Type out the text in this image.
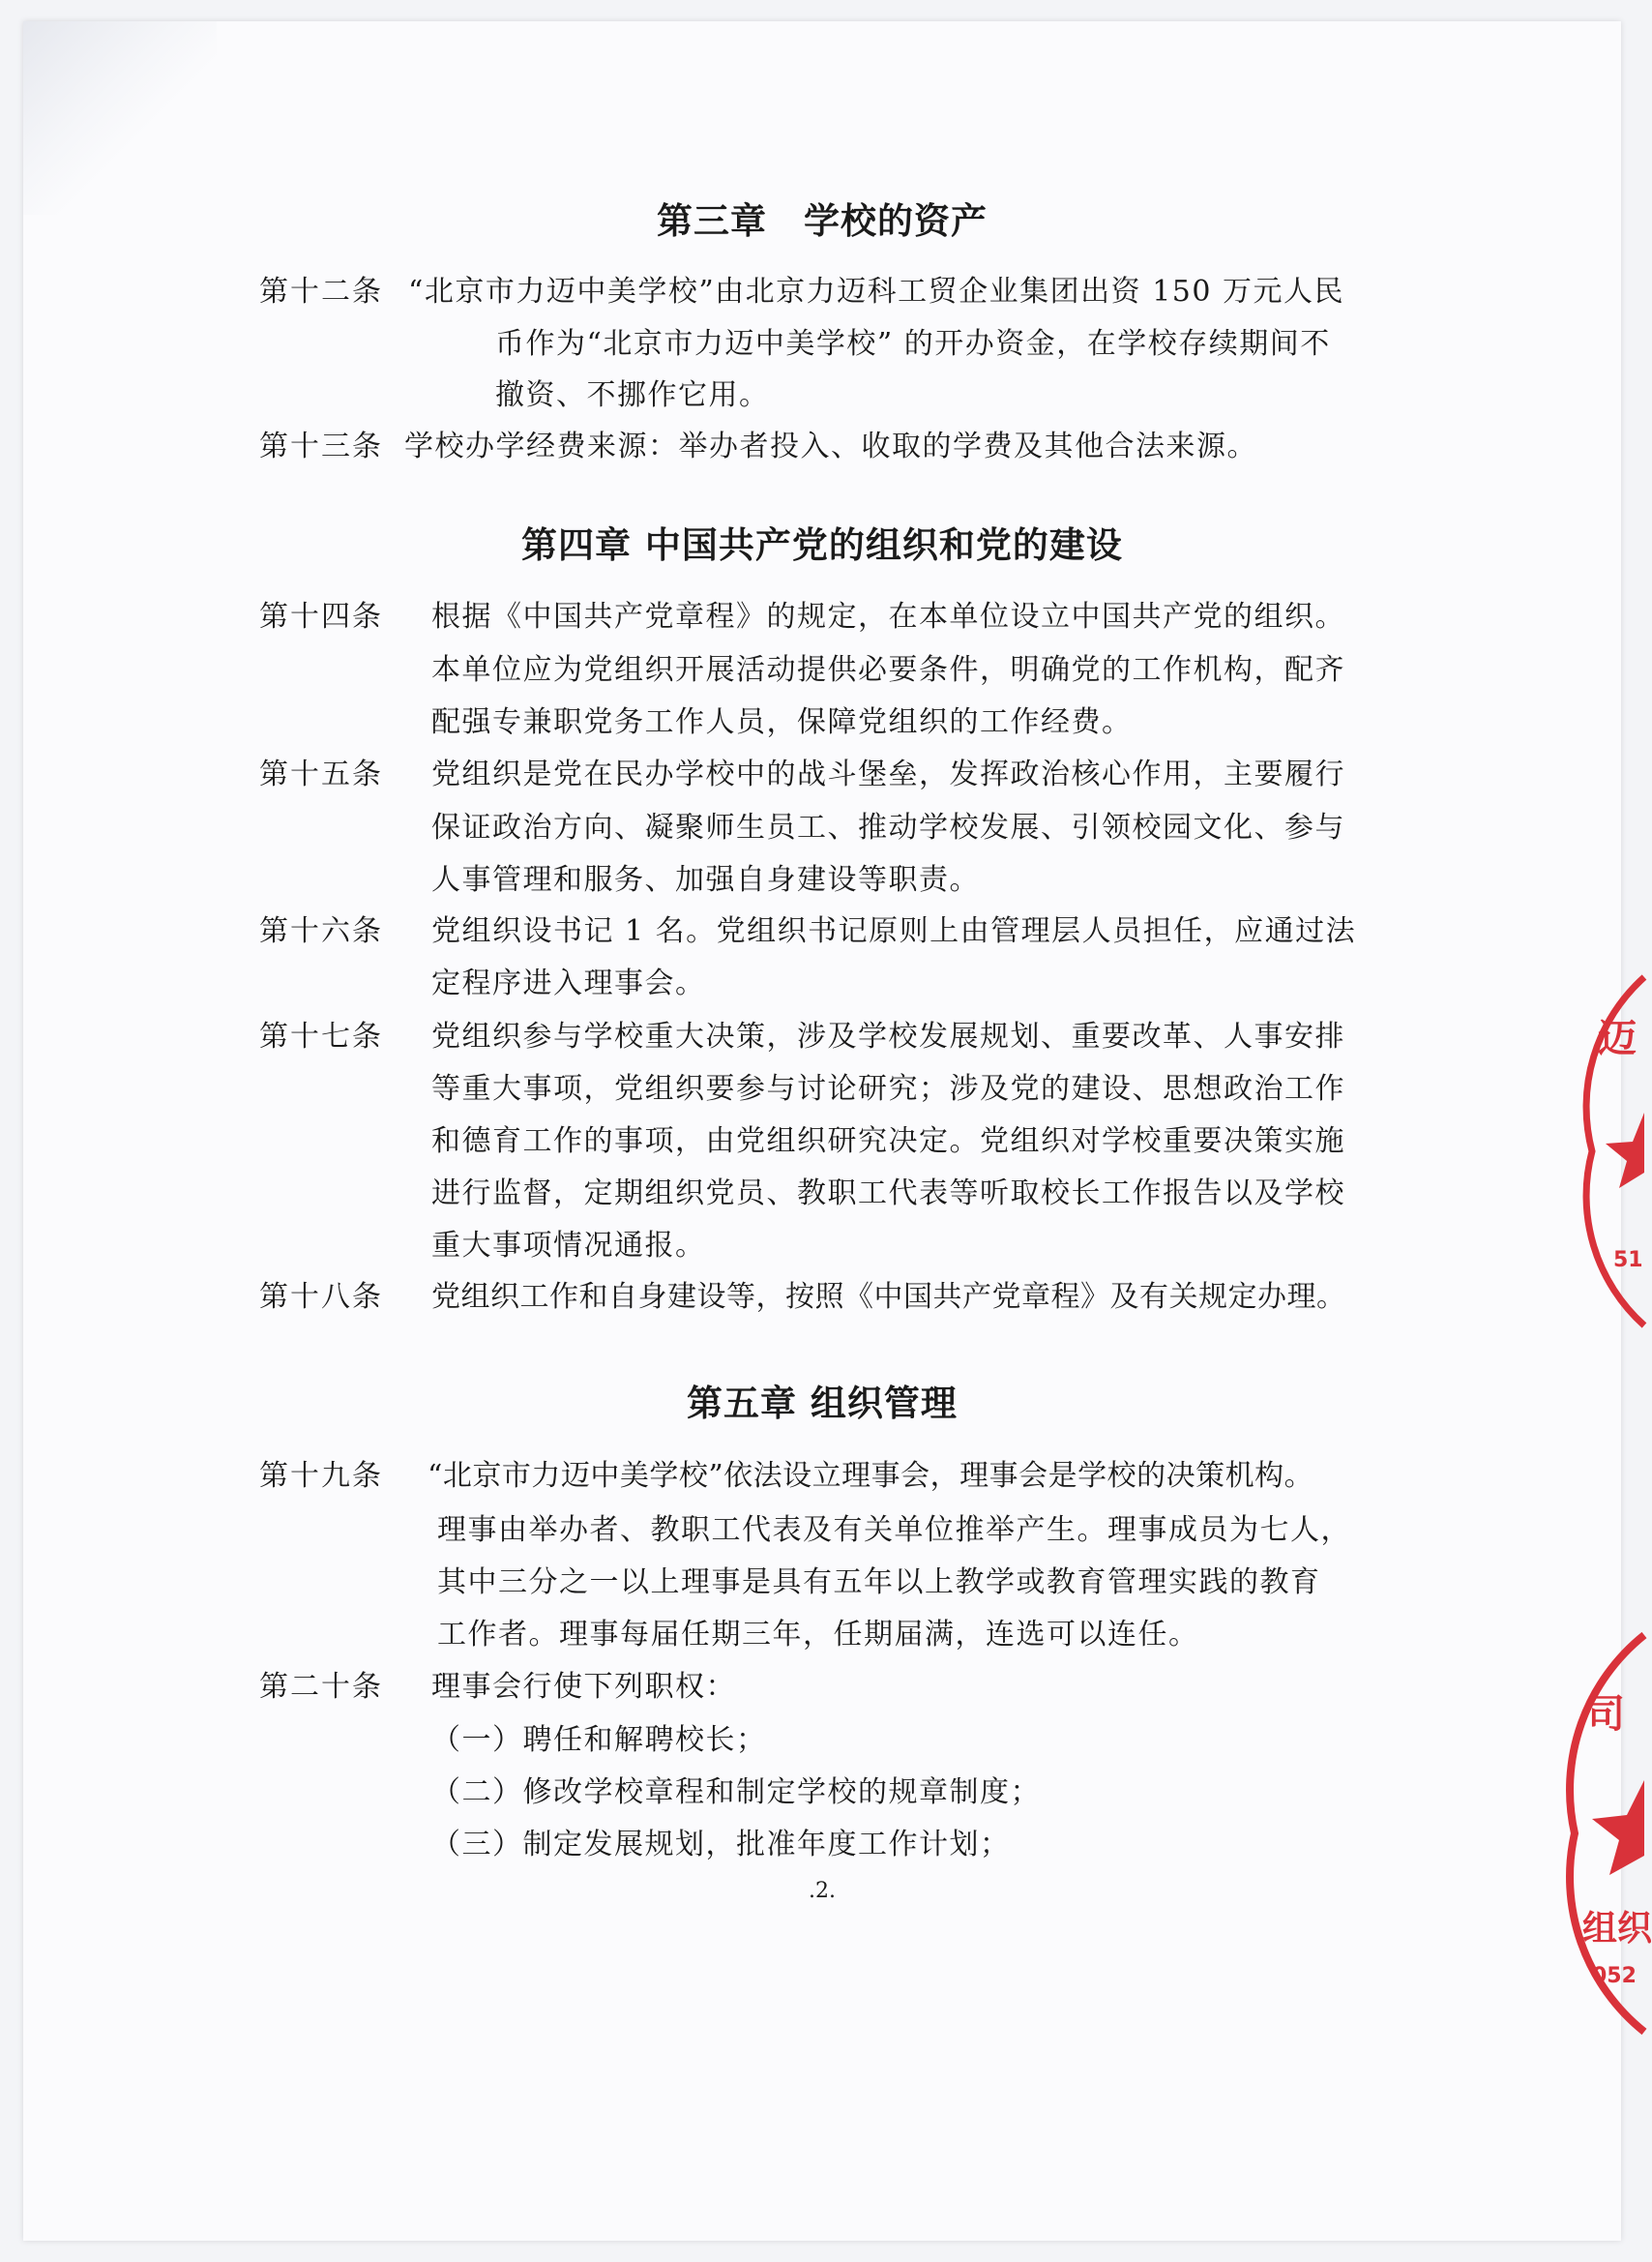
第三章　学校的资产
第十二条 “北京市力迈中美学校”由北京力迈科工贸企业集团出资 150 万元人民
币作为“北京市力迈中美学校” 的开办资金，在学校存续期间不
撤资、不挪作它用。
第十三条 学校办学经费来源：举办者投入、收取的学费及其他合法来源。
第四章 中国共产党的组织和党的建设
第十四条 根据《中国共产党章程》的规定，在本单位设立中国共产党的组织。
本单位应为党组织开展活动提供必要条件，明确党的工作机构，配齐
配强专兼职党务工作人员，保障党组织的工作经费。
第十五条 党组织是党在民办学校中的战斗堡垒，发挥政治核心作用，主要履行
保证政治方向、凝聚师生员工、推动学校发展、引领校园文化、参与
人事管理和服务、加强自身建设等职责。
第十六条 党组织设书记 1 名。党组织书记原则上由管理层人员担任，应通过法
定程序进入理事会。
第十七条 党组织参与学校重大决策，涉及学校发展规划、重要改革、人事安排
等重大事项，党组织要参与讨论研究；涉及党的建设、思想政治工作
和德育工作的事项，由党组织研究决定。党组织对学校重要决策实施
进行监督，定期组织党员、教职工代表等听取校长工作报告以及学校
重大事项情况通报。
第十八条 党组织工作和自身建设等，按照《中国共产党章程》及有关规定办理。
第五章 组织管理
第十九条 “北京市力迈中美学校”依法设立理事会，理事会是学校的决策机构。
理事由举办者、教职工代表及有关单位推举产生。理事成员为七人，
其中三分之一以上理事是具有五年以上教学或教育管理实践的教育
工作者。理事每届任期三年，任期届满，连选可以连任。
第二十条 理事会行使下列职权：
（一）聘任和解聘校长；
（二）修改学校章程和制定学校的规章制度；
（三）制定发展规划，批准年度工作计划；
.2.
迈
51
司
组织
052
